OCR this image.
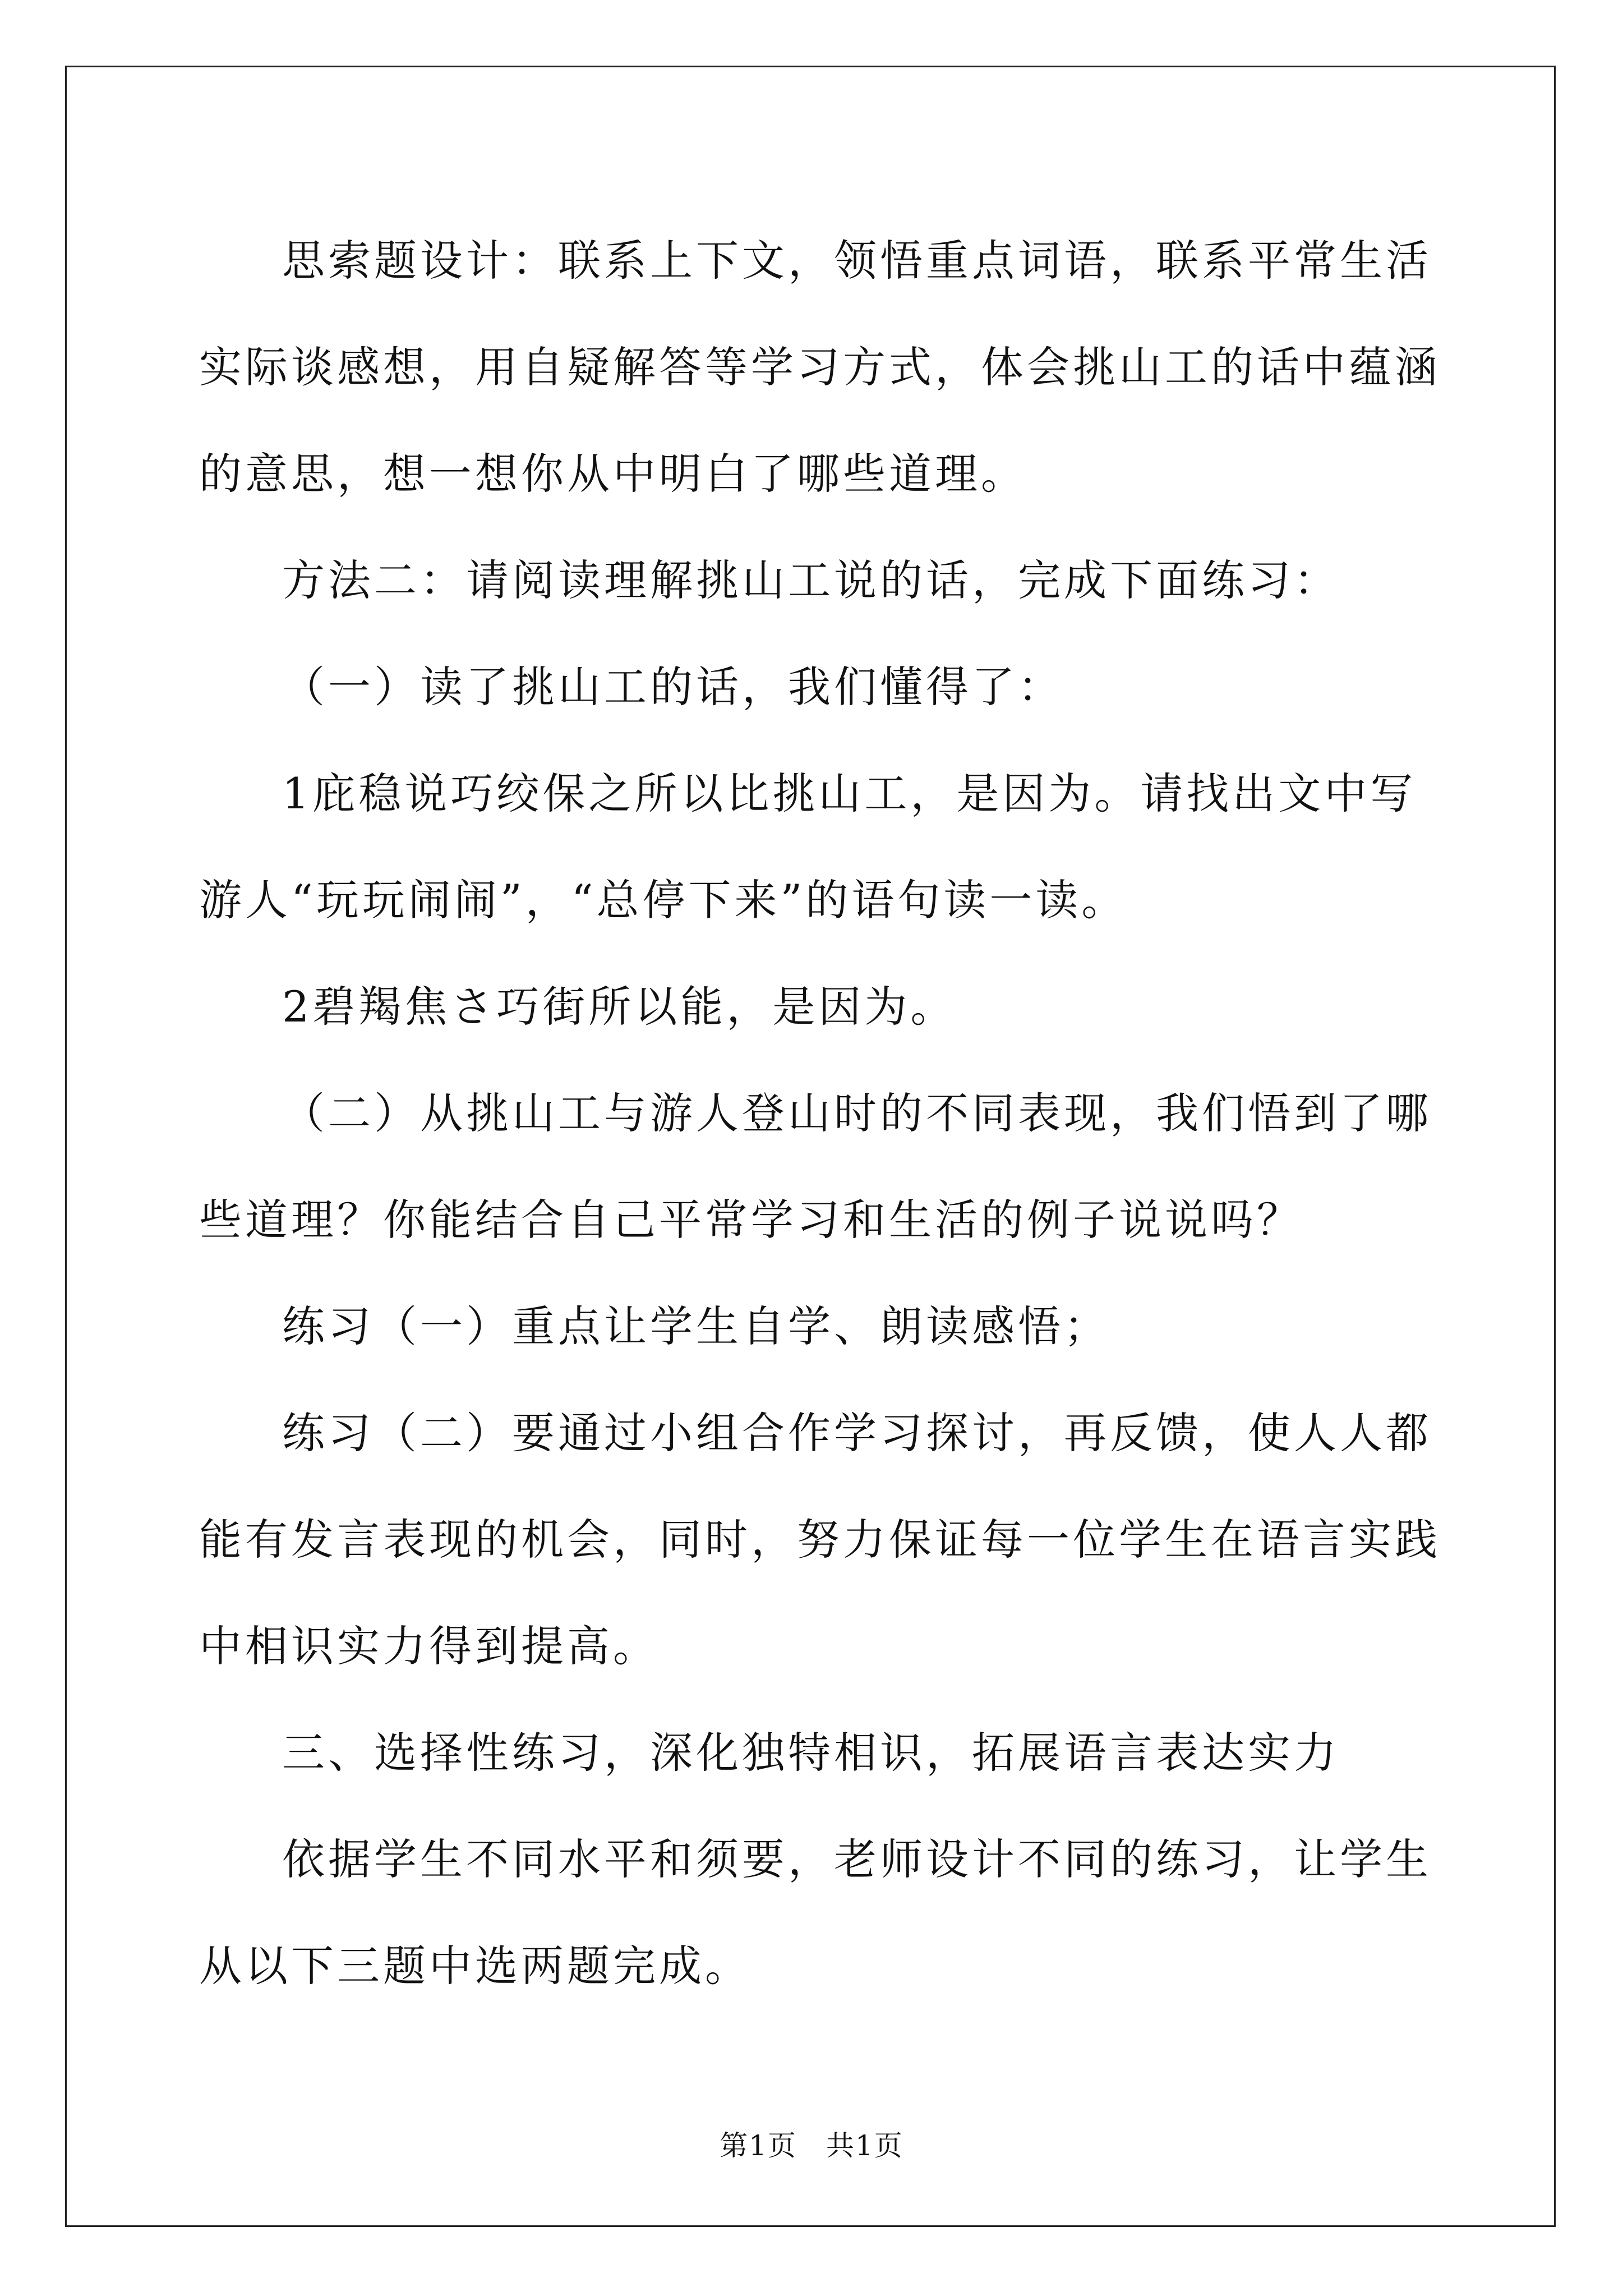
思索题设计：联系上下文，领悟重点词语，联系平常生活实际谈感想，用自疑解答等学习方式，体会挑山工的话中蕴涵的意思，想一想你从中明白了哪些道理。

方法二：请阅读理解挑山工说的话，完成下面练习：

（一）读了挑山工的话，我们懂得了：

1庇稳说巧绞保之所以比挑山工，是因为。请找出文中写游人“玩玩闹闹”，“总停下来”的语句读一读。

2碧羯焦さ巧街所以能，是因为。

（二）从挑山工与游人登山时的不同表现，我们悟到了哪些道理？你能结合自己平常学习和生活的例子说说吗？

练习（一）重点让学生自学、朗读感悟；

练习（二）要通过小组合作学习探讨，再反馈，使人人都能有发言表现的机会，同时，努力保证每一位学生在语言实践中相识实力得到提高。

三、选择性练习，深化独特相识，拓展语言表达实力

依据学生不同水平和须要，老师设计不同的练习，让学生从以下三题中选两题完成。

第1页　共1页
